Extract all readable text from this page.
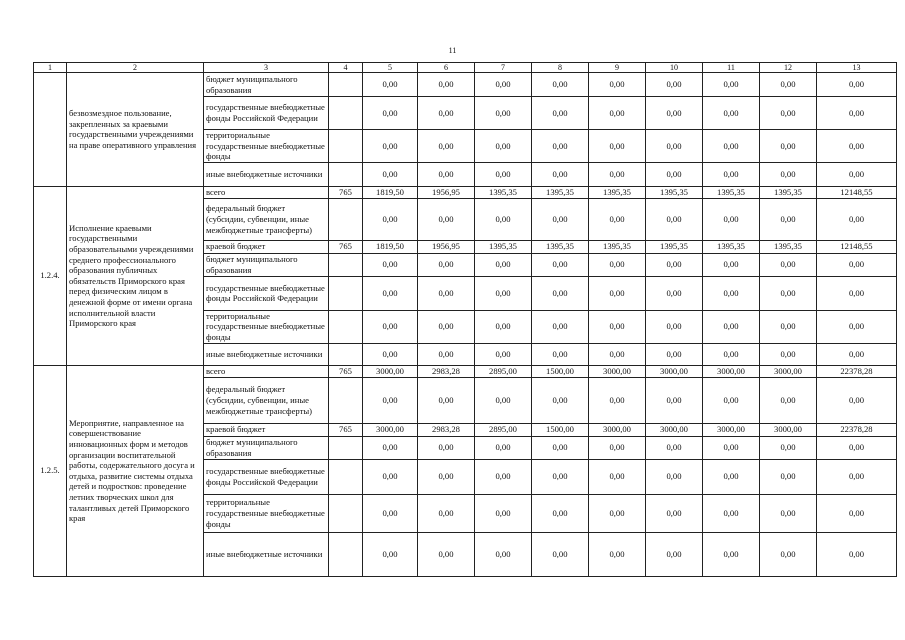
11
1	2	3	4	5	6	7	8	9	10	11	12	13
	безвозмездное пользование, закрепленных за краевыми государственными учреждениями на праве оперативного управления	бюджет муниципального образования		0,00	0,00	0,00	0,00	0,00	0,00	0,00	0,00	0,00
		государственные внебюджетные фонды Российской Федерации		0,00	0,00	0,00	0,00	0,00	0,00	0,00	0,00	0,00
		территориальные государственные внебюджетные фонды		0,00	0,00	0,00	0,00	0,00	0,00	0,00	0,00	0,00
		иные внебюджетные источники		0,00	0,00	0,00	0,00	0,00	0,00	0,00	0,00	0,00
1.2.4.	Исполнение краевыми государственными образовательными учреждениями среднего профессионального образования публичных обязательств Приморского края перед физическим лицом в денежной форме от имени органа исполнительной власти Приморского края	всего	765	1819,50	1956,95	1395,35	1395,35	1395,35	1395,35	1395,35	1395,35	12148,55
		федеральный бюджет (субсидии, субвенции, иные межбюджетные трансферты)		0,00	0,00	0,00	0,00	0,00	0,00	0,00	0,00	0,00
		краевой бюджет	765	1819,50	1956,95	1395,35	1395,35	1395,35	1395,35	1395,35	1395,35	12148,55
		бюджет муниципального образования		0,00	0,00	0,00	0,00	0,00	0,00	0,00	0,00	0,00
		государственные внебюджетные фонды Российской Федерации		0,00	0,00	0,00	0,00	0,00	0,00	0,00	0,00	0,00
		территориальные государственные внебюджетные фонды		0,00	0,00	0,00	0,00	0,00	0,00	0,00	0,00	0,00
		иные внебюджетные источники		0,00	0,00	0,00	0,00	0,00	0,00	0,00	0,00	0,00
1.2.5.	Мероприятие, направленное на совершенствование инновационных форм и методов организации воспитательной работы, содержательного досуга и отдыха, развитие системы отдыха детей и подростков: проведение летних творческих школ для талантливых детей Приморского края	всего	765	3000,00	2983,28	2895,00	1500,00	3000,00	3000,00	3000,00	3000,00	22378,28
		федеральный бюджет (субсидии, субвенции, иные межбюджетные трансферты)		0,00	0,00	0,00	0,00	0,00	0,00	0,00	0,00	0,00
		краевой бюджет	765	3000,00	2983,28	2895,00	1500,00	3000,00	3000,00	3000,00	3000,00	22378,28
		бюджет муниципального образования		0,00	0,00	0,00	0,00	0,00	0,00	0,00	0,00	0,00
		государственные внебюджетные фонды Российской Федерации		0,00	0,00	0,00	0,00	0,00	0,00	0,00	0,00	0,00
		территориальные государственные внебюджетные фонды		0,00	0,00	0,00	0,00	0,00	0,00	0,00	0,00	0,00
		иные внебюджетные источники		0,00	0,00	0,00	0,00	0,00	0,00	0,00	0,00	0,00
